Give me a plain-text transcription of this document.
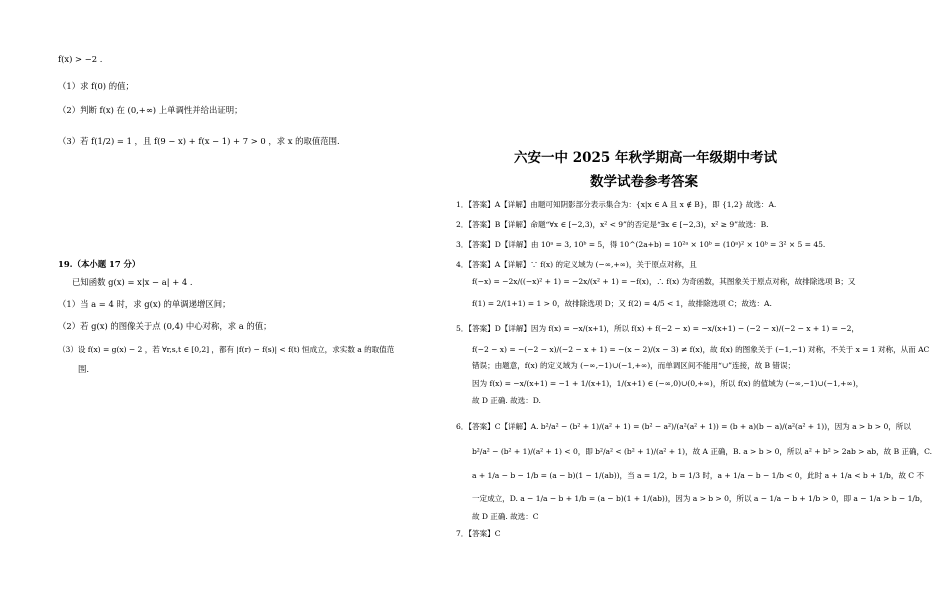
f(x) > −2 .
（1）求 f(0) 的值；
（2）判断 f(x) 在 (0,+∞) 上单调性并给出证明；
（3）若 f(1/2) = 1 ，且 f(9 − x) + f(x − 1) + 7 > 0 ，求 x 的取值范围.
19.（本小题 17 分）
已知函数 g(x) = x|x − a| + 4 .
（1）当 a = 4 时，求 g(x) 的单调递增区间；
（2）若 g(x) 的图像关于点 (0,4) 中心对称，求 a 的值；
（3）设 f(x) = g(x) − 2 ，若 ∀r,s,t ∈ [0,2] ，都有 |f(r) − f(s)| < f(t) 恒成立，求实数 a 的取值范
围.
六安一中 2025 年秋学期高一年级期中考试
数学试卷参考答案
1．【答案】A【详解】由题可知阴影部分表示集合为：{x|x ∈ A 且 x ∉ B}，即 {1,2} 故选：A.
2．【答案】B【详解】命题“∀x ∈ [−2,3)，x² < 9”的否定是“∃x ∈ [−2,3)，x² ≥ 9”故选：B.
3．【答案】D【详解】由 10ᵃ = 3, 10ᵇ = 5，得 10^(2a+b) = 10²ᵃ × 10ᵇ = (10ᵃ)² × 10ᵇ = 3² × 5 = 45.
4．【答案】A【详解】∵ f(x) 的定义域为 (−∞,+∞)，关于原点对称，且
f(−x) = −2x/((−x)² + 1) = −2x/(x² + 1) = −f(x)，∴ f(x) 为奇函数，其图象关于原点对称，故排除选项 B；又
f(1) = 2/(1+1) = 1 > 0，故排除选项 D；又 f(2) = 4/5 < 1，故排除选项 C；故选：A.
5．【答案】D【详解】因为 f(x) = −x/(x+1)，所以 f(x) + f(−2 − x) = −x/(x+1) − (−2 − x)/(−2 − x + 1) = −2，
f(−2 − x) = −(−2 − x)/(−2 − x + 1) = −(x − 2)/(x − 3) ≠ f(x)，故 f(x) 的图象关于 (−1,−1) 对称，不关于 x = 1 对称，从而 AC
错误；由题意，f(x) 的定义域为 (−∞,−1)∪(−1,+∞)，而单调区间不能用“∪”连接，故 B 错误；
因为 f(x) = −x/(x+1) = −1 + 1/(x+1)，1/(x+1) ∈ (−∞,0)∪(0,+∞)，所以 f(x) 的值域为 (−∞,−1)∪(−1,+∞)，
故 D 正确. 故选：D.
6．【答案】C【详解】A. b²/a² − (b² + 1)/(a² + 1) = (b² − a²)/(a²(a² + 1)) = (b + a)(b − a)/(a²(a² + 1))，因为 a > b > 0，所以
b²/a² − (b² + 1)/(a² + 1) < 0，即 b²/a² < (b² + 1)/(a² + 1)，故 A 正确，B. a > b > 0，所以 a² + b² > 2ab > ab，故 B 正确，C.
a + 1/a − b − 1/b = (a − b)(1 − 1/(ab))，当 a = 1/2，b = 1/3 时，a + 1/a − b − 1/b < 0，此时 a + 1/a < b + 1/b，故 C 不
一定成立，D. a − 1/a − b + 1/b = (a − b)(1 + 1/(ab))，因为 a > b > 0，所以 a − 1/a − b + 1/b > 0，即 a − 1/a > b − 1/b，
故 D 正确. 故选：C
7．【答案】C
